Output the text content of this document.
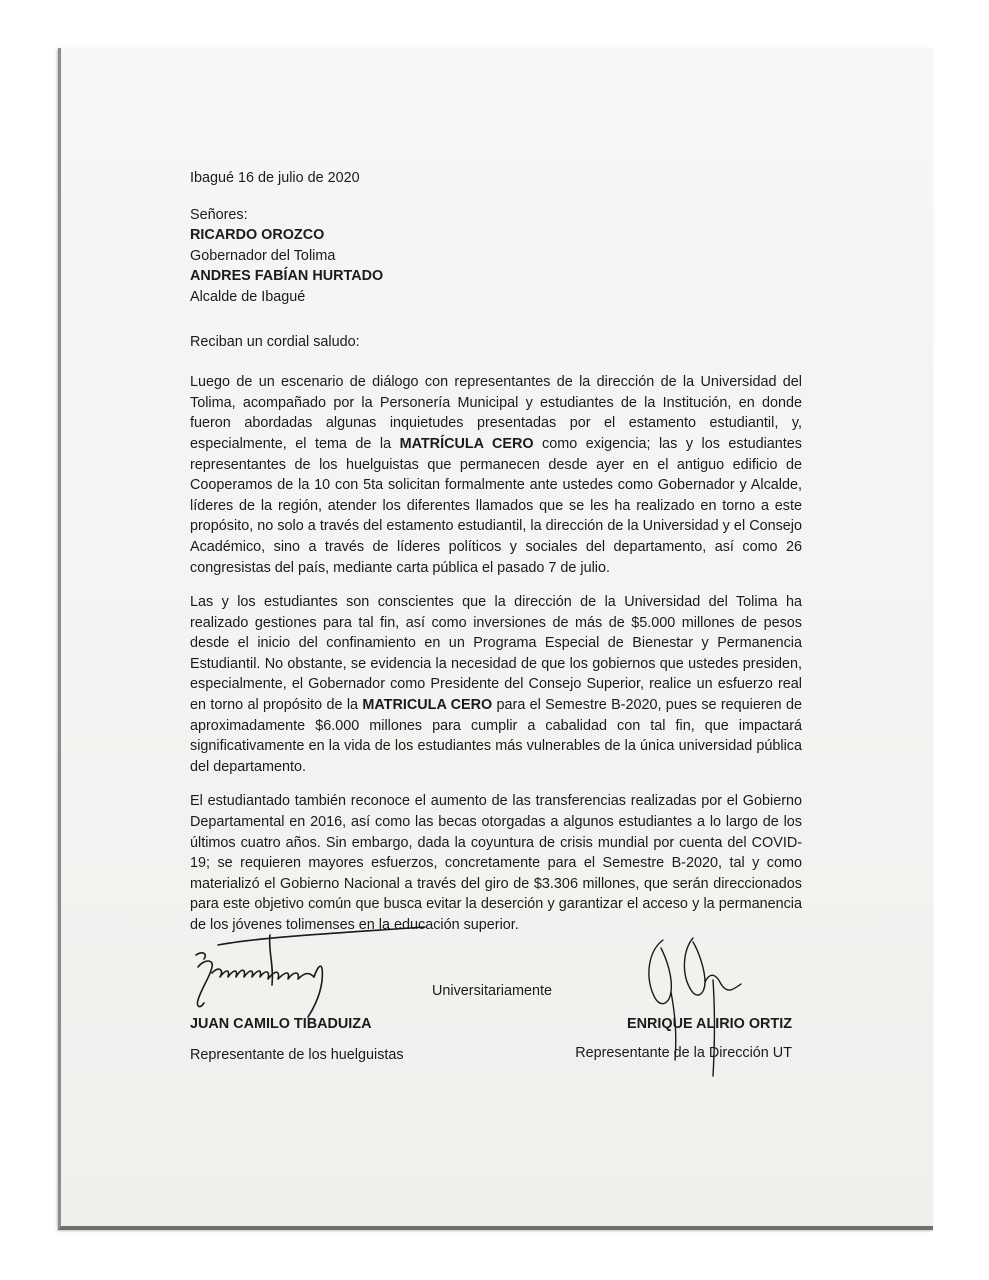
Ibagué 16 de julio de 2020
Señores:
RICARDO OROZCO
Gobernador del Tolima
ANDRES FABÍAN HURTADO
Alcalde de Ibagué
Reciban un cordial saludo:

Luego de un escenario de diálogo con representantes de la dirección de la Universidad del Tolima, acompañado por la Personería Municipal y estudiantes de la Institución, en donde fueron abordadas algunas inquietudes presentadas por el estamento estudiantil, y, especialmente, el tema de la MATRÍCULA CERO como exigencia; las y los estudiantes representantes de los huelguistas que permanecen desde ayer en el antiguo edificio de Cooperamos de la 10 con 5ta solicitan formalmente ante ustedes como Gobernador y Alcalde, líderes de la región, atender los diferentes llamados que se les ha realizado en torno a este propósito, no solo a través del estamento estudiantil, la dirección de la Universidad y el Consejo Académico, sino a través de líderes políticos y sociales del departamento, así como 26 congresistas del país, mediante carta pública el pasado 7 de julio.

Las y los estudiantes son conscientes que la dirección de la Universidad del Tolima ha realizado gestiones para tal fin, así como inversiones de más de $5.000 millones de pesos desde el inicio del confinamiento en un Programa Especial de Bienestar y Permanencia Estudiantil. No obstante, se evidencia la necesidad de que los gobiernos que ustedes presiden, especialmente, el Gobernador como Presidente del Consejo Superior, realice un esfuerzo real en torno al propósito de la MATRICULA CERO para el Semestre B-2020, pues se requieren de aproximadamente $6.000 millones para cumplir a cabalidad con tal fin, que impactará significativamente en la vida de los estudiantes más vulnerables de la única universidad pública del departamento.

El estudiantado también reconoce el aumento de las transferencias realizadas por el Gobierno Departamental en 2016, así como las becas otorgadas a algunos estudiantes a lo largo de los últimos cuatro años. Sin embargo, dada la coyuntura de crisis mundial por cuenta del COVID-19; se requieren mayores esfuerzos, concretamente para el Semestre B-2020, tal y como materializó el Gobierno Nacional a través del giro de $3.306 millones, que serán direccionados para este objetivo común que busca evitar la deserción y garantizar el acceso y la permanencia de los jóvenes tolimenses en la educación superior.

Universitariamente
JUAN CAMILO TIBADUIZA
Representante de los huelguistas
ENRIQUE ALIRIO ORTIZ
Representante de la Dirección UT
